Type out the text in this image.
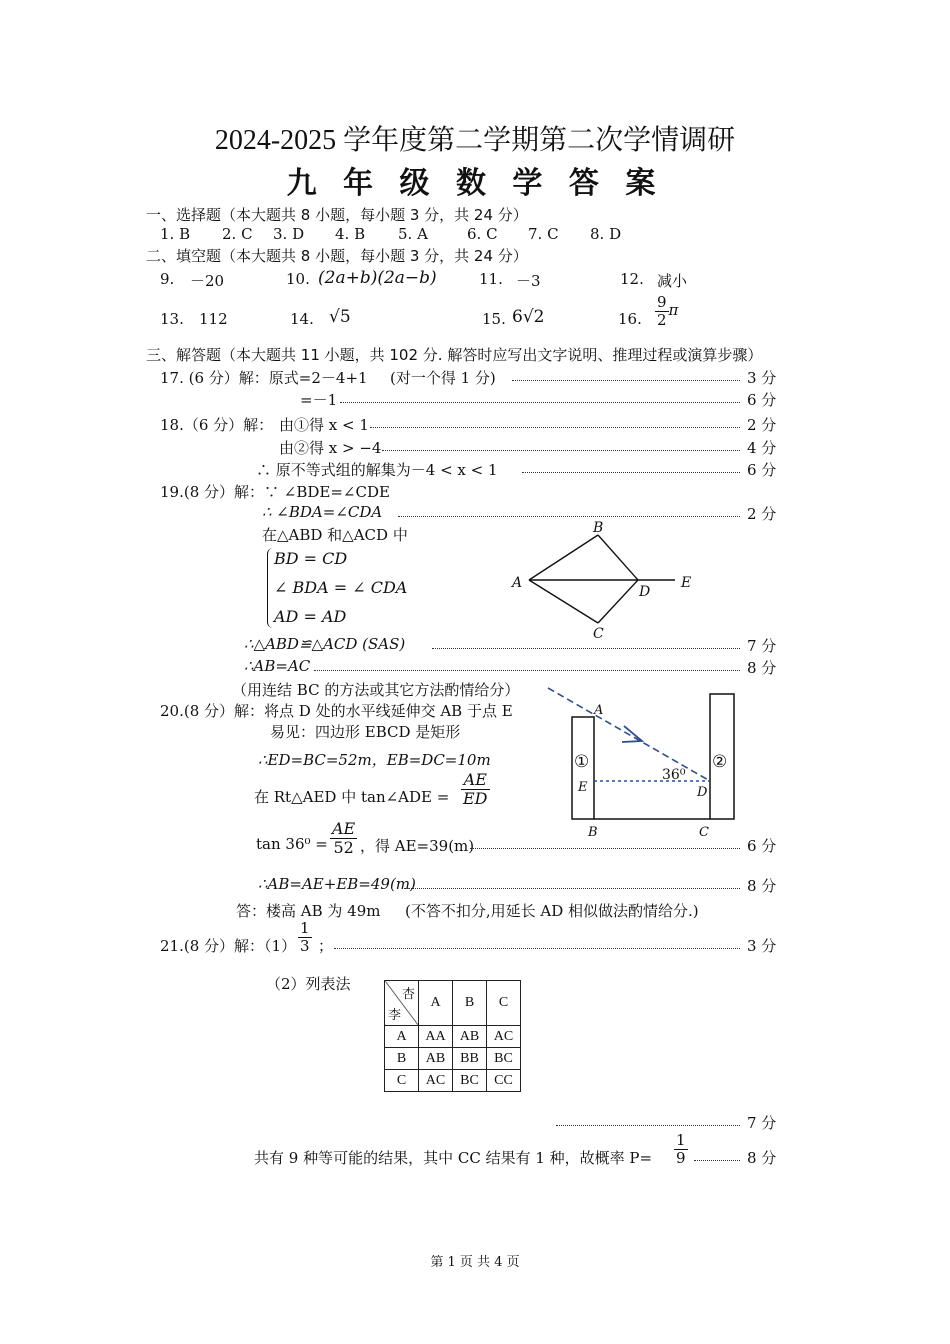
2024-2025 学年度第二学期第二次学情调研
九 年 级 数 学 答 案
一、选择题（本大题共 8 小题，每小题 3 分，共 24 分）
1. B 2. C 3. D 4. B 5. A	6. C 7. C 8. D
二、填空题（本大题共 8 小题，每小题 3 分，共 24 分）
9. －20	10. (2a+b)(2a−b)	11. －3	12. 减小
13. 112	14. √5	15. 6√2	16. $\frac{9}{2}$ π
三、解答题（本大题共 11 小题，共 102 分. 解答时应写出文字说明、推理过程或演算步骤）
17. (6 分）解：原式=2－4+1 (对一个得 1 分)	3 分
=－1	6 分
18.（6 分）解： 由①得 x < 1	2 分
由②得 x > −4	4 分
∴ 原不等式组的解集为－4 < x < 1	6 分
19.(8 分）解：∵ ∠BDE=∠CDE
∴ ∠BDA=∠CDA	2 分
在△ABD 和△ACD 中
BD = CD
∠ BDA = ∠ CDA
AD = AD
A
B
C
D
E
∴△ABD≌△ACD (SAS)	7 分
∴AB=AC	8 分
（用连结 BC 的方法或其它方法酌情给分）
20.(8 分）解：将点 D 处的水平线延伸交 AB 于点 E
易见：四边形 EBCD 是矩形
∴ED=BC=52m，EB=DC=10m
在 Rt△AED 中 tan∠ADE = $\frac{AE}{ED}$
$\tan 36^0 = \frac{AE}{52}$ ，得 AE=39(m)	6 分
∴AB=AE+EB=49(m)	8 分
答：楼高 AB 为 49m (不答不扣分,用延长 AD 相似做法酌情给分.)
A
E
B	C
D
①	②
36⁰
21.(8 分）解：$(1) \frac{1}{3}$ ；	3 分
（2）列表法
杏
李	A	B	C
A	AA	AB	AC
B	AB	BB	BC
C	AC	BC	CC
7 分
共有 9 种等可能的结果，其中 CC 结果有 1 种，故概率 $P= \frac{1}{9}$	8 分
第 1 页 共 4 页
